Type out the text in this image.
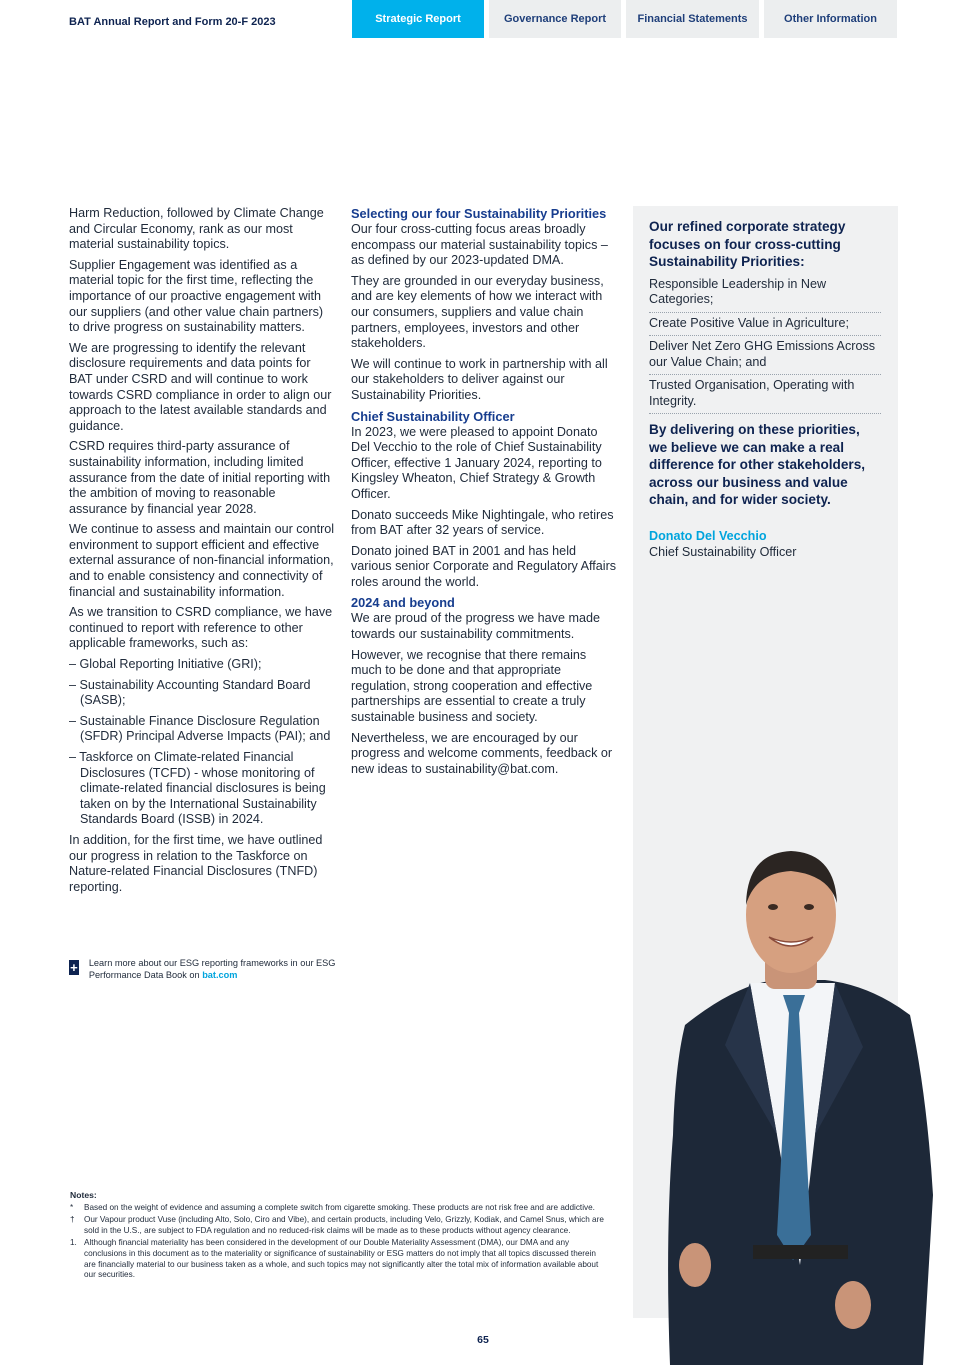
BAT Annual Report and Form 20-F 2023	Strategic Report	Governance Report	Financial Statements	Other Information

Harm Reduction, followed by Climate Change and Circular Economy, rank as our most material sustainability topics.

Supplier Engagement was identified as a material topic for the first time, reflecting the importance of our proactive engagement with our suppliers (and other value chain partners) to drive progress on sustainability matters.

We are progressing to identify the relevant disclosure requirements and data points for BAT under CSRD and will continue to work towards CSRD compliance in order to align our approach to the latest available standards and guidance.

CSRD requires third-party assurance of sustainability information, including limited assurance from the date of initial reporting with the ambition of moving to reasonable assurance by financial year 2028.

We continue to assess and maintain our control environment to support efficient and effective external assurance of non-financial information, and to enable consistency and connectivity of financial and sustainability information.

As we transition to CSRD compliance, we have continued to report with reference to other applicable frameworks, such as:

– Global Reporting Initiative (GRI);
– Sustainability Accounting Standard Board (SASB);
– Sustainable Finance Disclosure Regulation (SFDR) Principal Adverse Impacts (PAI); and
– Taskforce on Climate-related Financial Disclosures (TCFD) - whose monitoring of climate-related financial disclosures is being taken on by the International Sustainability Standards Board (ISSB) in 2024.

In addition, for the first time, we have outlined our progress in relation to the Taskforce on Nature-related Financial Disclosures (TNFD) reporting.

+ Learn more about our ESG reporting frameworks in our ESG Performance Data Book on bat.com
Selecting our four Sustainability Priorities

Our four cross-cutting focus areas broadly encompass our material sustainability topics – as defined by our 2023-updated DMA.

They are grounded in our everyday business, and are key elements of how we interact with our consumers, suppliers and value chain partners, employees, investors and other stakeholders.

We will continue to work in partnership with all our stakeholders to deliver against our Sustainability Priorities.

Chief Sustainability Officer

In 2023, we were pleased to appoint Donato Del Vecchio to the role of Chief Sustainability Officer, effective 1 January 2024, reporting to Kingsley Wheaton, Chief Strategy & Growth Officer.

Donato succeeds Mike Nightingale, who retires from BAT after 32 years of service.

Donato joined BAT in 2001 and has held various senior Corporate and Regulatory Affairs roles around the world.

2024 and beyond

We are proud of the progress we have made towards our sustainability commitments.

However, we recognise that there remains much to be done and that appropriate regulation, strong cooperation and effective partnerships are essential to create a truly sustainable business and society.

Nevertheless, we are encouraged by our progress and welcome comments, feedback or new ideas to sustainability@bat.com.

Our refined corporate strategy focuses on four cross-cutting Sustainability Priorities:
Responsible Leadership in New Categories;
Create Positive Value in Agriculture;
Deliver Net Zero GHG Emissions Across our Value Chain; and
Trusted Organisation, Operating with Integrity.
By delivering on these priorities, we believe we can make a real difference for other stakeholders, across our business and value chain, and for wider society.
Donato Del Vecchio
Chief Sustainability Officer
Notes:
*	Based on the weight of evidence and assuming a complete switch from cigarette smoking. These products are not risk free and are addictive.
†	Our Vapour product Vuse (including Alto, Solo, Ciro and Vibe), and certain products, including Velo, Grizzly, Kodiak, and Camel Snus, which are sold in the U.S., are subject to FDA regulation and no reduced-risk claims will be made as to these products without agency clearance.
1. Although financial materiality has been considered in the development of our Double Materiality Assessment (DMA), our DMA and any conclusions in this document as to the materiality or significance of sustainability or ESG matters do not imply that all topics discussed therein are financially material to our business taken as a whole, and such topics may not significantly alter the total mix of information available about our securities.
65
